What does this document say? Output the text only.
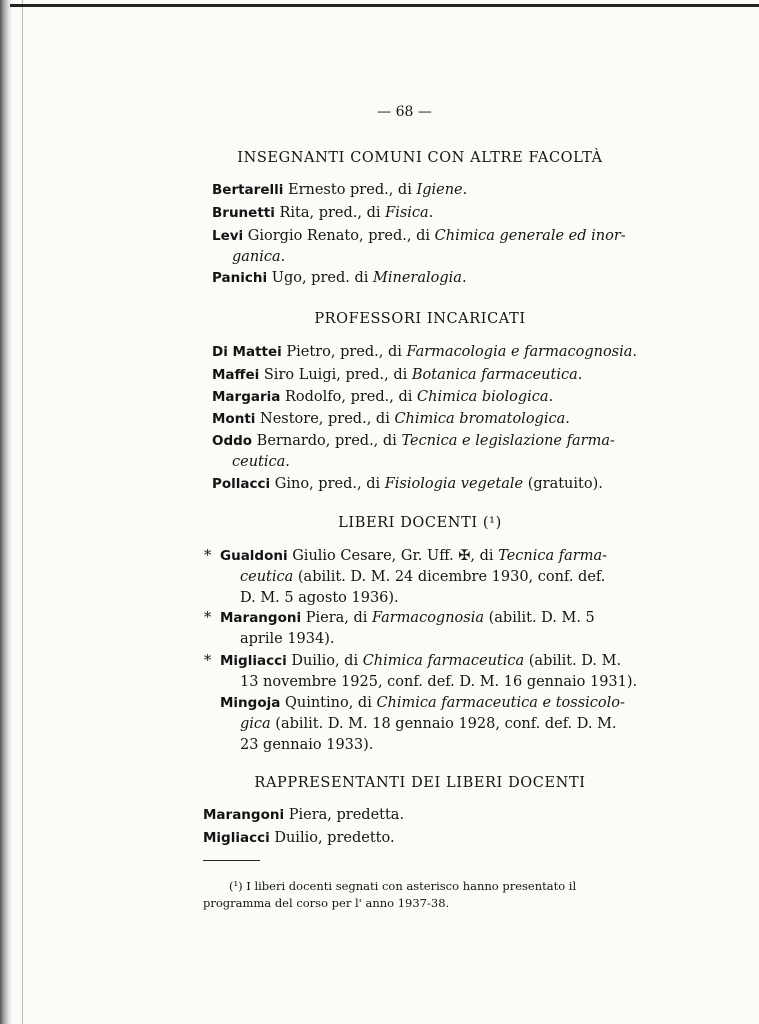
— 68 —
INSEGNANTI COMUNI CON ALTRE FACOLTÀ
Bertarelli Ernesto pred., di Igiene.
Brunetti Rita, pred., di Fisica.
Levi Giorgio Renato, pred., di Chimica generale ed inor-
ganica.
Panichi Ugo, pred. di Mineralogia.
PROFESSORI INCARICATI
Di Mattei Pietro, pred., di Farmacologia e farmacognosia.
Maffei Siro Luigi, pred., di Botanica farmaceutica.
Margaria Rodolfo, pred., di Chimica biologica.
Monti Nestore, pred., di Chimica bromatologica.
Oddo Bernardo, pred., di Tecnica e legislazione farma-
ceutica.
Pollacci Gino, pred., di Fisiologia vegetale (gratuito).
LIBERI DOCENTI (¹)
* Gualdoni Giulio Cesare, Gr. Uff. ✠, di Tecnica farma-
ceutica (abilit. D. M. 24 dicembre 1930, conf. def.
D. M. 5 agosto 1936).
* Marangoni Piera, di Farmacognosia (abilit. D. M. 5
aprile 1934).
* Migliacci Duilio, di Chimica farmaceutica (abilit. D. M.
13 novembre 1925, conf. def. D. M. 16 gennaio 1931).
Mingoja Quintino, di Chimica farmaceutica e tossicolo-
gica (abilit. D. M. 18 gennaio 1928, conf. def. D. M.
23 gennaio 1933).
RAPPRESENTANTI DEI LIBERI DOCENTI
Marangoni Piera, predetta.
Migliacci Duilio, predetto.
(¹) I liberi docenti segnati con asterisco hanno presentato il programma del corso per l' anno 1937-38.
